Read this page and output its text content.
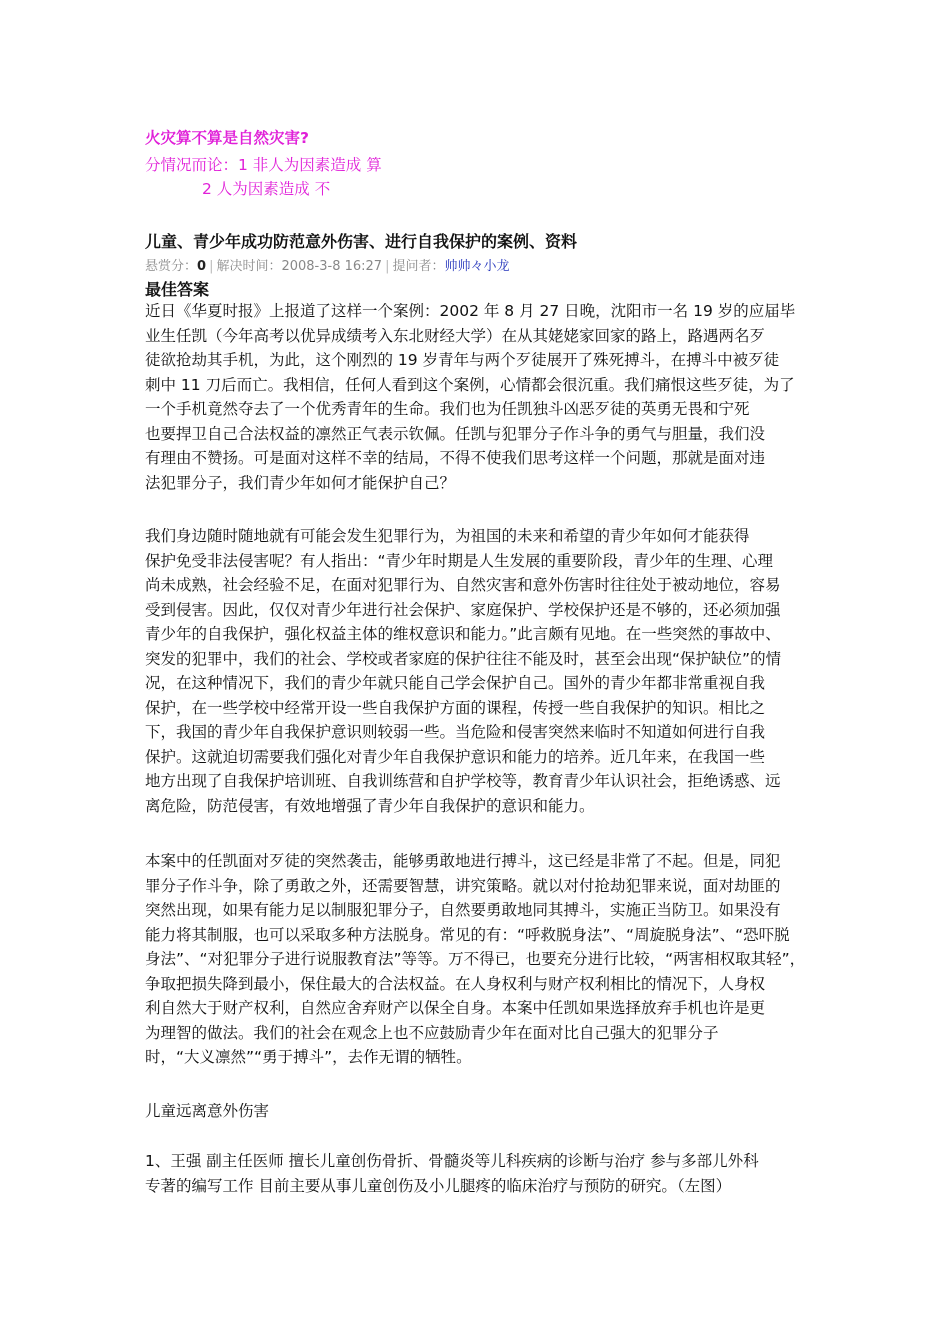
火灾算不算是自然灾害?
分情况而论：1 非人为因素造成 算
2 人为因素造成 不
儿童、青少年成功防范意外伤害、进行自我保护的案例、资料
悬赏分：0 | 解决时间：2008-3-8 16:27 | 提问者：帅帅々小龙
最佳答案
近日《华夏时报》上报道了这样一个案例：2002 年 8 月 27 日晚，沈阳市一名 19 岁的应届毕
业生任凯（今年高考以优异成绩考入东北财经大学）在从其姥姥家回家的路上，路遇两名歹
徒欲抢劫其手机，为此，这个刚烈的 19 岁青年与两个歹徒展开了殊死搏斗，在搏斗中被歹徒
刺中 11 刀后而亡。我相信，任何人看到这个案例，心情都会很沉重。我们痛恨这些歹徒，为了
一个手机竟然夺去了一个优秀青年的生命。我们也为任凯独斗凶恶歹徒的英勇无畏和宁死
也要捍卫自己合法权益的凛然正气表示钦佩。任凯与犯罪分子作斗争的勇气与胆量，我们没
有理由不赞扬。可是面对这样不幸的结局，不得不使我们思考这样一个问题，那就是面对违
法犯罪分子，我们青少年如何才能保护自己？
我们身边随时随地就有可能会发生犯罪行为，为祖国的未来和希望的青少年如何才能获得
保护免受非法侵害呢？有人指出：“青少年时期是人生发展的重要阶段，青少年的生理、心理
尚未成熟，社会经验不足，在面对犯罪行为、自然灾害和意外伤害时往往处于被动地位，容易
受到侵害。因此，仅仅对青少年进行社会保护、家庭保护、学校保护还是不够的，还必须加强
青少年的自我保护，强化权益主体的维权意识和能力。”此言颇有见地。在一些突然的事故中、
突发的犯罪中，我们的社会、学校或者家庭的保护往往不能及时，甚至会出现“保护缺位”的情
况，在这种情况下，我们的青少年就只能自己学会保护自己。国外的青少年都非常重视自我
保护，在一些学校中经常开设一些自我保护方面的课程，传授一些自我保护的知识。相比之
下，我国的青少年自我保护意识则较弱一些。当危险和侵害突然来临时不知道如何进行自我
保护。这就迫切需要我们强化对青少年自我保护意识和能力的培养。近几年来，在我国一些
地方出现了自我保护培训班、自我训练营和自护学校等，教育青少年认识社会，拒绝诱惑、远
离危险，防范侵害，有效地增强了青少年自我保护的意识和能力。
本案中的任凯面对歹徒的突然袭击，能够勇敢地进行搏斗，这已经是非常了不起。但是，同犯
罪分子作斗争，除了勇敢之外，还需要智慧，讲究策略。就以对付抢劫犯罪来说，面对劫匪的
突然出现，如果有能力足以制服犯罪分子，自然要勇敢地同其搏斗，实施正当防卫。如果没有
能力将其制服，也可以采取多种方法脱身。常见的有：“呼救脱身法”、“周旋脱身法”、“恐吓脱
身法”、“对犯罪分子进行说服教育法”等等。万不得已，也要充分进行比较，“两害相权取其轻”，
争取把损失降到最小，保住最大的合法权益。在人身权利与财产权利相比的情况下，人身权
利自然大于财产权利，自然应舍弃财产以保全自身。本案中任凯如果选择放弃手机也许是更
为理智的做法。我们的社会在观念上也不应鼓励青少年在面对比自己强大的犯罪分子
时，“大义凛然”“勇于搏斗”，去作无谓的牺牲。
儿童远离意外伤害
1、王强 副主任医师 擅长儿童创伤骨折、骨髓炎等儿科疾病的诊断与治疗 参与多部儿外科
专著的编写工作 目前主要从事儿童创伤及小儿腿疼的临床治疗与预防的研究。（左图）
